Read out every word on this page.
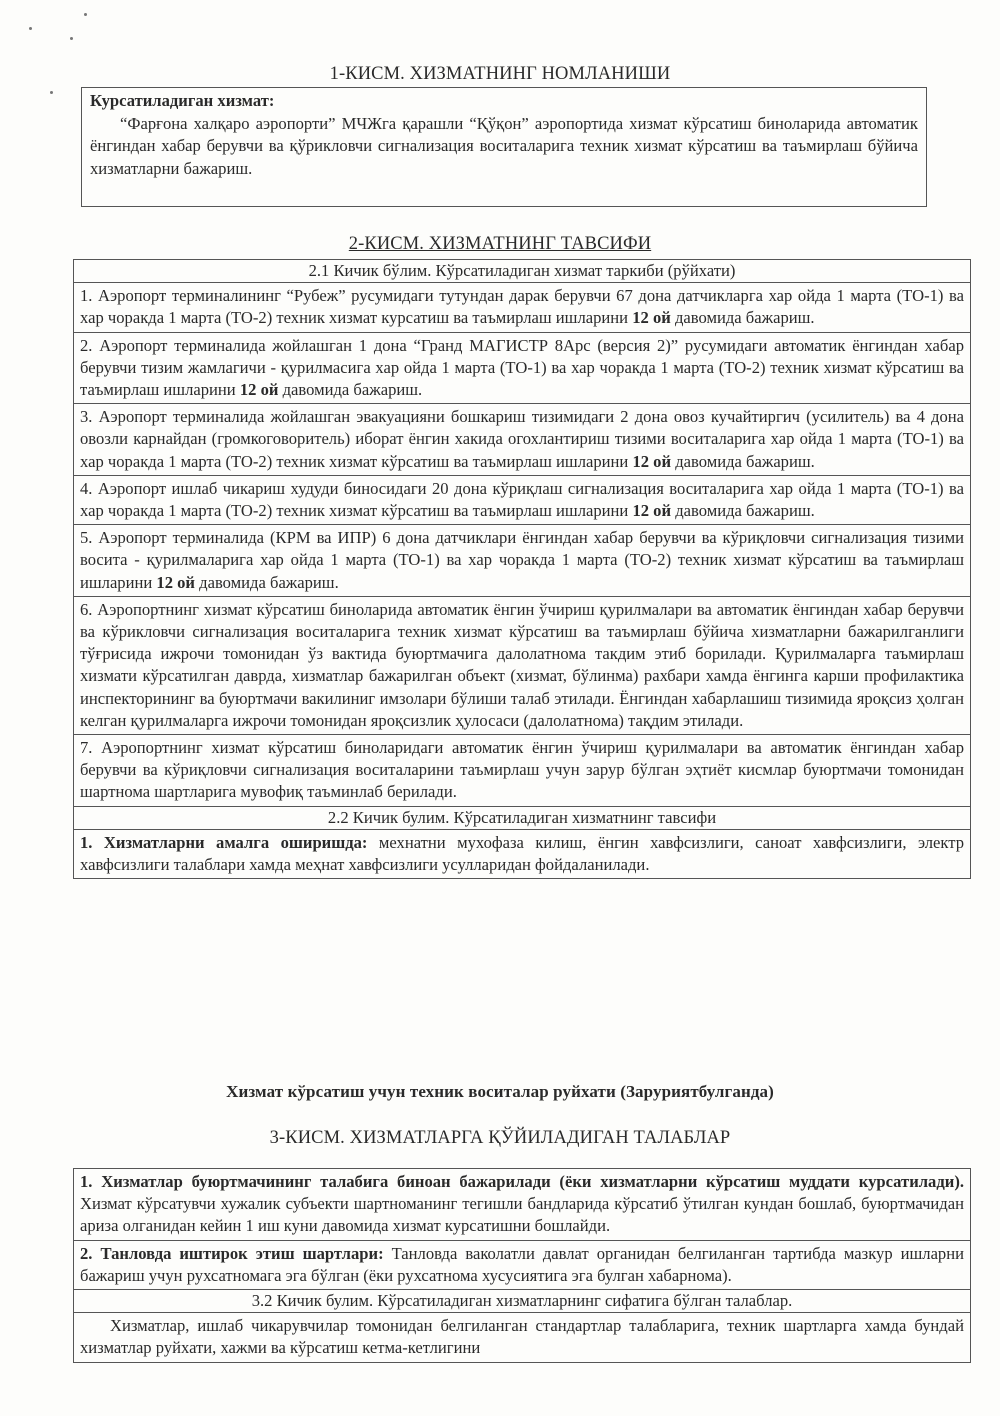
1-КИСМ. ХИЗМАТНИНГ НОМЛАНИШИ
Курсатиладиган хизмат:
“Фарғона халқаро аэропорти” МЧЖга қарашли “Қўқон” аэропортида хизмат кўрсатиш биноларида автоматик ёнгиндан хабар берувчи ва қўрикловчи сигнализация воситаларига техник хизмат кўрсатиш ва таъмирлаш бўйича хизматларни бажариш.
2-КИСМ. ХИЗМАТНИНГ ТАВСИФИ
2.1 Кичик бўлим. Кўрсатиладиган хизмат таркиби (рўйхати)
1. Аэропорт терминалининг “Рубеж” русумидаги тутундан дарак берувчи 67 дона датчикларга хар ойда 1 марта (ТО-1) ва хар чоракда 1 марта (ТО-2) техник хизмат курсатиш ва таъмирлаш ишларини 12 ой давомида бажариш.
2. Аэропорт терминалида жойлашган 1 дона “Гранд МАГИСТР 8Арс (версия 2)” русумидаги автоматик ёнгиндан хабар берувчи тизим жамлагичи - қурилмасига хар ойда 1 марта (ТО-1) ва хар чоракда 1 марта (ТО-2) техник хизмат кўрсатиш ва таъмирлаш ишларини 12 ой давомида бажариш.
3. Аэропорт терминалида жойлашган эвакуацияни бошкариш тизимидаги 2 дона овоз кучайтиргич (усилитель) ва 4 дона овозли карнайдан (громкоговоритель) иборат ёнгин хакида огохлантириш тизими воситаларига хар ойда 1 марта (ТО-1) ва хар чоракда 1 марта (ТО-2) техник хизмат кўрсатиш ва таъмирлаш ишларини 12 ой давомида бажариш.
4. Аэропорт ишлаб чикариш худуди биносидаги 20 дона кўриқлаш сигнализация воситаларига хар ойда 1 марта (ТО-1) ва хар чоракда 1 марта (ТО-2) техник хизмат кўрсатиш ва таъмирлаш ишларини 12 ой давомида бажариш.
5. Аэропорт терминалида (КРМ ва ИПР) 6 дона датчиклари ёнгиндан хабар берувчи ва кўриқловчи сигнализация тизими восита - қурилмаларига хар ойда 1 марта (ТО-1) ва хар чоракда 1 марта (ТО-2) техник хизмат кўрсатиш ва таъмирлаш ишларини 12 ой давомида бажариш.
6. Аэропортнинг хизмат кўрсатиш биноларида автоматик ёнгин ўчириш қурилмалари ва автоматик ёнгиндан хабар берувчи ва кўрикловчи сигнализация воситаларига техник хизмат кўрсатиш ва таъмирлаш бўйича хизматларни бажарилганлиги тўғрисида ижрочи томонидан ўз вактида буюртмачига далолатнома такдим этиб борилади. Қурилмаларга таъмирлаш хизмати кўрсатилган даврда, хизматлар бажарилган объект (хизмат, бўлинма) рахбари хамда ёнгинга карши профилактика инспекторининг ва буюртмачи вакилиниг имзолари бўлиши талаб этилади. Ёнгиндан хабарлашиш тизимида яроқсиз ҳолган келган қурилмаларга ижрочи томонидан яроқсизлик ҳулосаси (далолатнома) тақдим этилади.
7. Аэропортнинг хизмат кўрсатиш биноларидаги автоматик ёнгин ўчириш қурилмалари ва автоматик ёнгиндан хабар берувчи ва кўриқловчи сигнализация воситаларини таъмирлаш учун зарур бўлган эҳтиёт кисмлар буюртмачи томонидан шартнома шартларига мувофиқ таъминлаб берилади.
2.2 Кичик булим. Кўрсатиладиган хизматнинг тавсифи
1. Хизматларни амалга оширишда: мехнатни мухофаза килиш, ёнгин хавфсизлиги, саноат хавфсизлиги, электр хавфсизлиги талаблари хамда меҳнат хавфсизлиги усулларидан фойдаланилади.
Хизмат кўрсатиш учун техник воситалар руйхати (Заруриятбулганда)
3-КИСМ. ХИЗМАТЛАРГА ҚЎЙИЛАДИГАН ТАЛАБЛАР
1. Хизматлар буюртмачининг талабига биноан бажарилади (ёки хизматларни кўрсатиш муддати курсатилади). Хизмат кўрсатувчи хужалик субъекти шартноманинг тегишли бандларида кўрсатиб ўтилган кундан бошлаб, буюртмачидан ариза олганидан кейин 1 иш куни давомида хизмат курсатишни бошлайди.
2. Танловда иштирок этиш шартлари: Танловда ваколатли давлат органидан белгиланган тартибда мазкур ишларни бажариш учун рухсатномага эга бўлган (ёки рухсатнома хусусиятига эга булган хабарнома).
3.2 Кичик булим. Кўрсатиладиган хизматларнинг сифатига бўлган талаблар.
Хизматлар, ишлаб чикарувчилар томонидан белгиланган стандартлар талабларига, техник шартларга хамда бундай хизматлар руйхати, хажми ва кўрсатиш кетма-кетлигини
